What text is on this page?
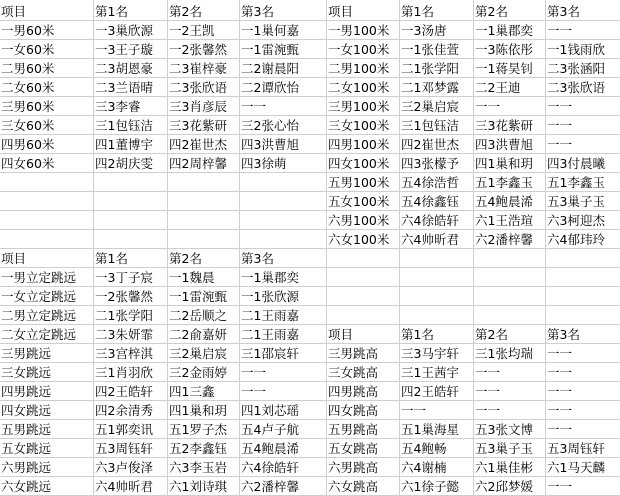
项目	第1名	第2名	第3名
一男60米	一3巢欣源	一2王凯	一1巢何嘉
一女60米	一3王子璇	一2张馨然	一1雷涴甄
二男60米	二3胡恩豪	二3崔梓豪	二2谢晨阳
二女60米	二3兰语晴	二3张欣语	二2谭欣怡
三男60米	三3李睿	三3肖彦辰	一一
三女60米	三1包钰洁	三3花紫研	三2张心怡
四男60米	四1董博宇	四2崔世杰	四3洪曹旭
四女60米	四2胡庆雯	四2周梓馨	四3徐萌
项目	第1名	第2名	第3名
一男100米 一3汤唐	一1巢郡奕	一一
一女100米 一1张佳萱	一3陈依彤	一1钱雨欣
二男100米 二1张学阳	一1蒋昊钊	二3张涵阳
二女100米 二1邓梦露	二2王迪	二3张欣语
三男100米 三2巢启宸	一一	一一
三女100米 三1包钰洁	三3花紫研	一一
四男100米 四2崔世杰	四3洪曹旭	一一
四女100米 四3张檬予	四1巢和玥	四3付晨曦
五男100米 五4徐浩哲	五1李鑫玉	五1李鑫玉
五女100米 五4徐鑫钰	五4鲍晨浠	五3巢子玉
六男100米 六4徐皓轩	六1王浩瑄	六3柯迎杰
六女100米 六4帅昕君	六2潘梓馨	六4郁玮玲
项目	第1名	第2名	第3名
一男立定跳远	一3丁子宸	一1魏晨	一1巢郡奕
一女立定跳远	一2张馨然	一1雷涴甄	一1张欣源
二男立定跳远	二1张学阳	二2岳顺之	二1王雨嘉
二女立定跳远	二3朱妍霏	二2俞嘉妍	二1王雨嘉
三男跳远	三3宫梓淇	三2巢启宸	三1邵宸轩
三女跳远	三1肖羽欣	三2金雨婷	一一
四男跳远	四2王皓轩	四1三鑫	一一
四女跳远	四2余清秀	四1巢和玥	四1刘芯瑶
五男跳远	五1郭奕讯	五1罗子杰	五4卢子航
五女跳远	五3周钰轩	五2李鑫钰	五4鲍晨浠
六男跳远	六3卢俊泽	六3李玉岩	六4徐皓轩
六女跳远	六4帅昕君	六1刘诗琪	六2潘梓馨
项目	第1名	第2名	第3名
三男跳高	三3马宇轩	三1张均瑞	一一
三女跳高	三1王茜宇	一一	一一
四男跳高	四2王皓轩	一一	一一
四女跳高	一一	一一	一一
五男跳高	五1巢海星	五3张文博	一一
五女跳高	五4鲍畅	五3巢子玉	五3周钰轩
六男跳高	六4谢楠	六1巢佳彬	六1马天麟
六女跳高	六1徐子懿	六2邱梦媛	一一
